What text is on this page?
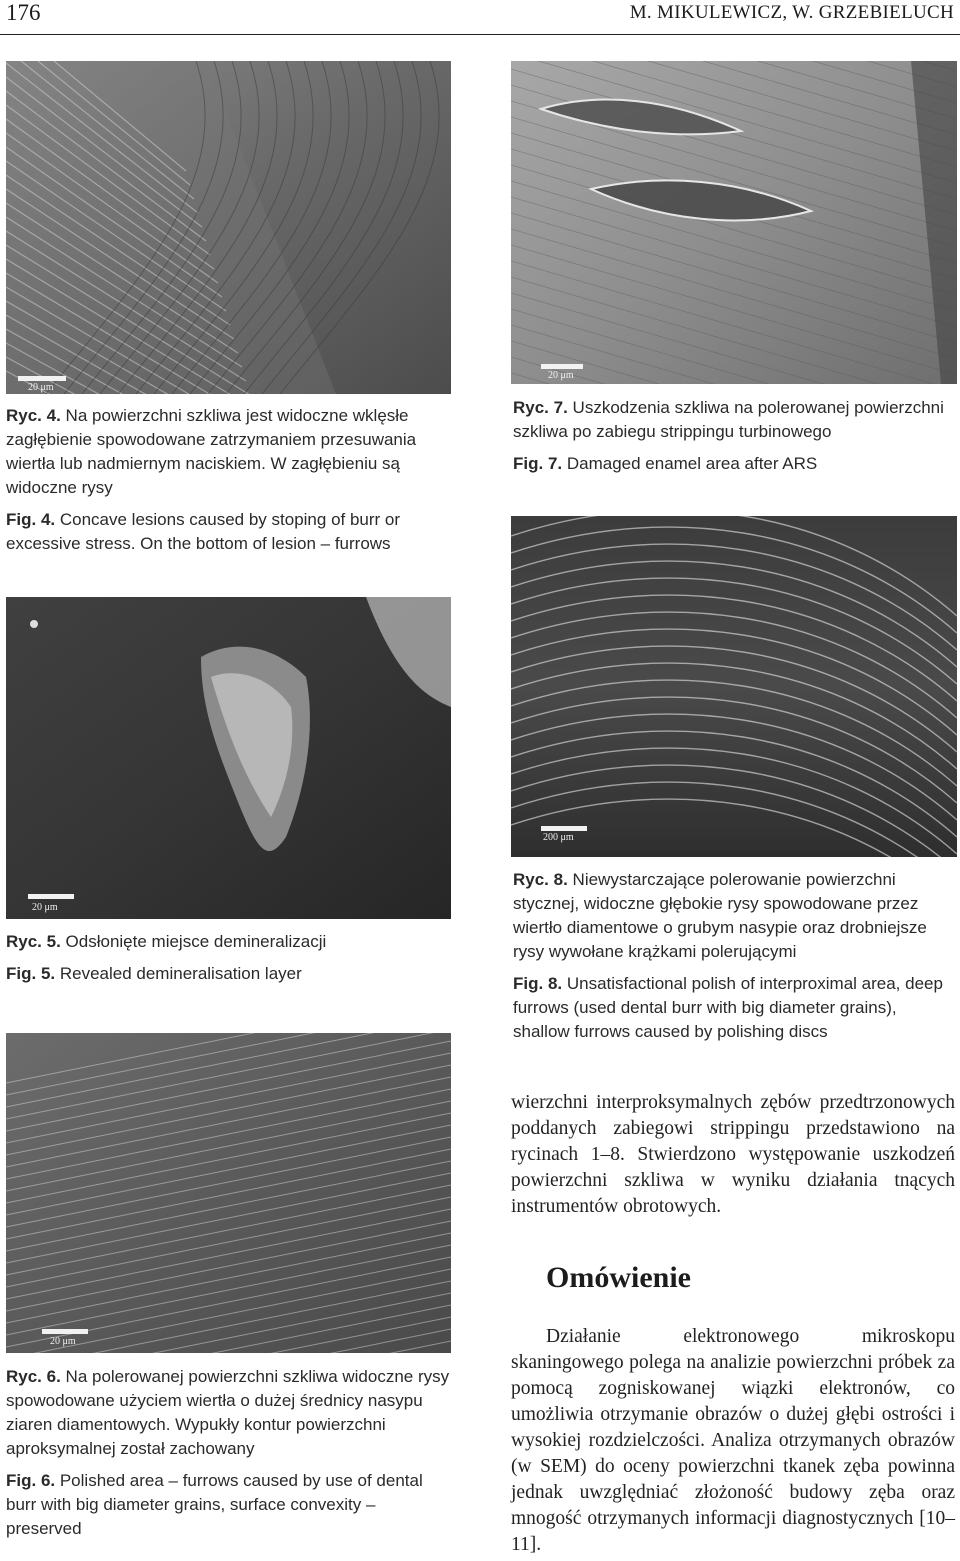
176	M. MIKULEWICZ, W. GRZEBIELUCH
20 μm

Ryc. 4. Na powierzchni szkliwa jest widoczne wklęsłe zagłębienie spowodowane zatrzymaniem przesuwania wiertła lub nadmiernym naciskiem. W zagłębieniu są widoczne rysy

Fig. 4. Concave lesions caused by stoping of burr or excessive stress. On the bottom of lesion – furrows

20 μm

Ryc. 7. Uszkodzenia szkliwa na polerowanej powierzchni szkliwa po zabiegu strippingu turbinowego

Fig. 7. Damaged enamel area after ARS

200 μm
20 μm

Ryc. 5. Odsłonięte miejsce demineralizacji

Fig. 5. Revealed demineralisation layer

Ryc. 8. Niewystarczające polerowanie powierzchni stycznej, widoczne głębokie rysy spowodowane przez wiertło diamentowe o grubym nasypie oraz drobniejsze rysy wywołane krążkami polerującymi

Fig. 8. Unsatisfactional polish of interproximal area, deep furrows (used dental burr with big diameter grains), shallow furrows caused by polishing discs

20 μm

Ryc. 6. Na polerowanej powierzchni szkliwa widoczne rysy spowodowane użyciem wiertła o dużej średnicy nasypu ziaren diamentowych. Wypukły kontur powierzchni aproksymalnej został zachowany

Fig. 6. Polished area – furrows caused by use of dental burr with big diameter grains, surface convexity – preserved

wierzchni interproksymalnych zębów przedtrzonowych poddanych zabiegowi strippingu przedstawiono na rycinach 1–8. Stwierdzono występowanie uszkodzeń powierzchni szkliwa w wyniku działania tnących instrumentów obrotowych.
Omówienie
Działanie elektronowego mikroskopu skaningowego polega na analizie powierzchni próbek za pomocą zogniskowanej wiązki elektronów, co umożliwia otrzymanie obrazów o dużej głębi ostrości i wysokiej rozdzielczości. Analiza otrzymanych obrazów (w SEM) do oceny powierzchni tkanek zęba powinna jednak uwzględniać złożoność budowy zęba oraz mnogość otrzymanych informacji diagnostycznych [10–11].
